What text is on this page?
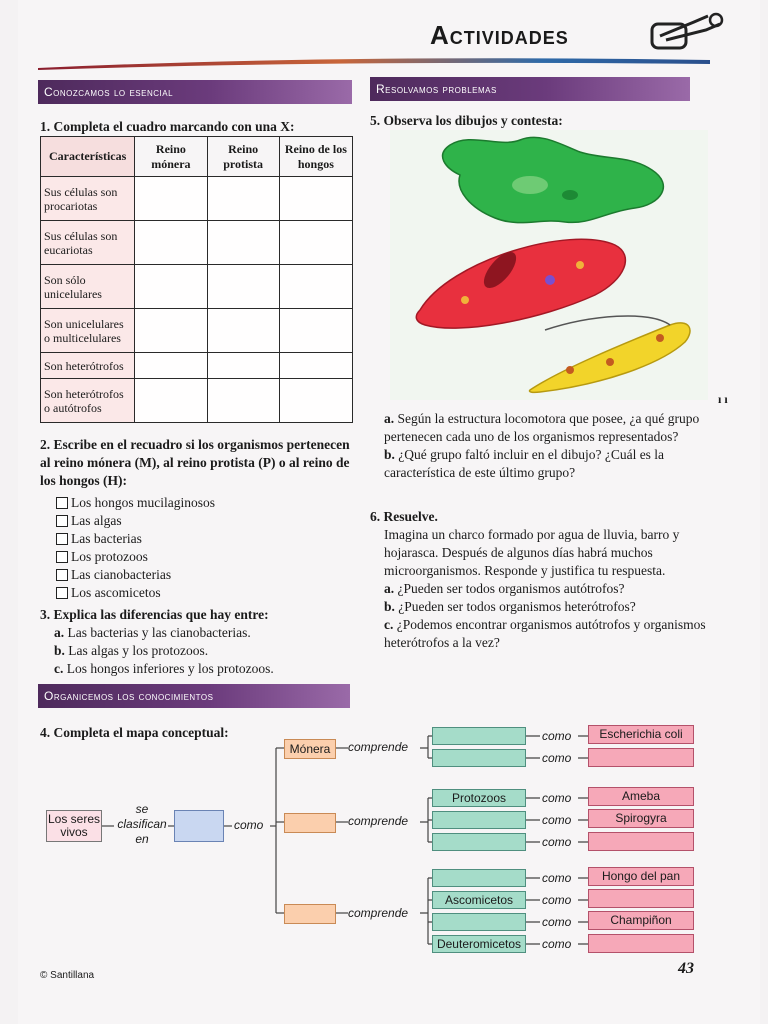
Actividades
Conozcamos lo esencial	Resolvamos problemas
1. Completa el cuadro marcando con una X:
Características	Reino mónera	Reino protista	Reino de los hongos
Sus células son procariotas			
Sus células son eucariotas			
Son sólo unicelulares			
Son unicelulares o multicelulares			
Son heterótrofos			
Son heterótrofos o autótrofos			
2. Escribe en el recuadro si los organismos pertenecen al reino mónera (M), al reino protista (P) o al reino de los hongos (H):
Los hongos mucilaginosos
Las algas
Las bacterias
Los protozoos
Las cianobacterias
Los ascomicetos
3. Explica las diferencias que hay entre:
a. Las bacterias y las cianobacterias.
b. Las algas y los protozoos.
c. Los hongos inferiores y los protozoos.
5. Observa los dibujos y contesta:
ı ı
a. Según la estructura locomotora que posee, ¿a qué grupo pertenecen cada uno de los organismos representados?
b. ¿Qué grupo faltó incluir en el dibujo? ¿Cuál es la característica de este último grupo?
6. Resuelve.
Imagina un charco formado por agua de lluvia, barro y hojarasca. Después de algunos días habrá muchos microorganismos. Responde y justifica tu respuesta.
a. ¿Pueden ser todos organismos autótrofos?
b. ¿Pueden ser todos organismos heterótrofos?
c. ¿Podemos encontrar organismos autótrofos y organismos heterótrofos a la vez?
Organicemos los conocimientos
4. Completa el mapa conceptual:
Los seres vivos
se clasifican en
como
Mónera	comprende
comprende
comprende
Protozoos
Ascomicetos
Deuteromicetos
como
como
como
como
como
como
como
como
como
Escherichia coli
Ameba
Spirogyra
Hongo del pan
Champiñon
© Santillana	43
